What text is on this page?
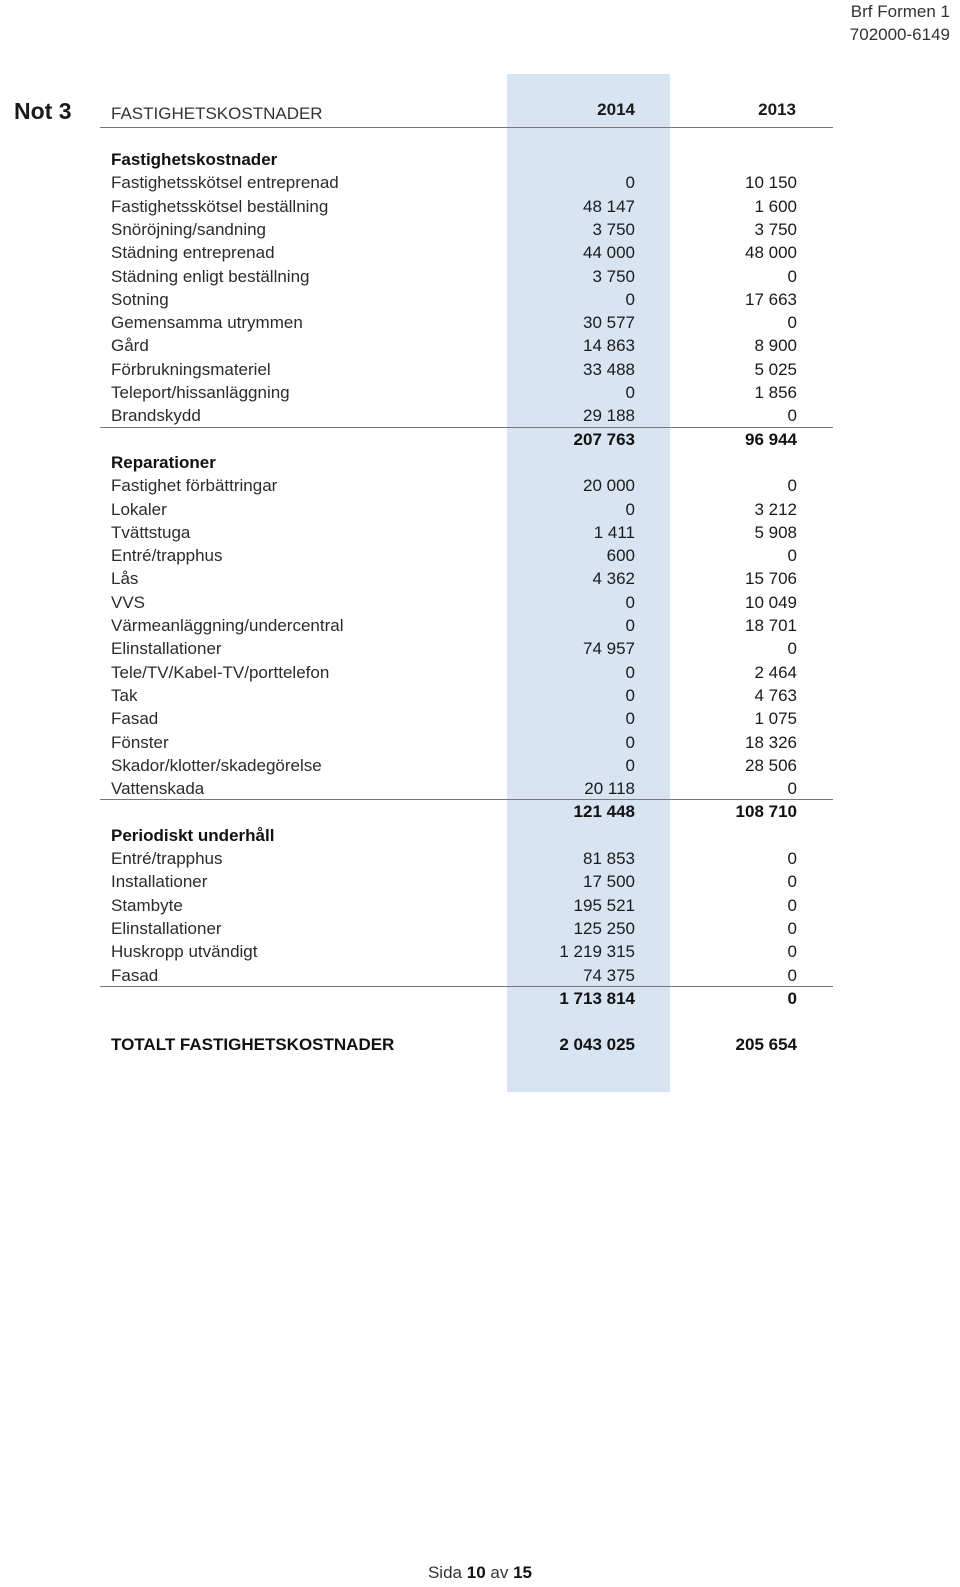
Brf Formen 1
702000-6149
Not 3 FASTIGHETSKOSTNADER	2014	2013
Fastighetskostnader
Fastighetsskötsel entreprenad	0	10 150
Fastighetsskötsel beställning	48 147	1 600
Snöröjning/sandning	3 750	3 750
Städning entreprenad	44 000	48 000
Städning enligt beställning	3 750	0
Sotning	0	17 663
Gemensamma utrymmen	30 577	0
Gård	14 863	8 900
Förbrukningsmateriel	33 488	5 025
Teleport/hissanläggning	0	1 856
Brandskydd	29 188	0
207 763	96 944
Reparationer
Fastighet förbättringar	20 000	0
Lokaler	0	3 212
Tvättstuga	1 411	5 908
Entré/trapphus	600	0
Lås	4 362	15 706
VVS	0	10 049
Värmeanläggning/undercentral	0	18 701
Elinstallationer	74 957	0
Tele/TV/Kabel-TV/porttelefon	0	2 464
Tak	0	4 763
Fasad	0	1 075
Fönster	0	18 326
Skador/klotter/skadegörelse	0	28 506
Vattenskada	20 118	0
121 448	108 710
Periodiskt underhåll
Entré/trapphus	81 853	0
Installationer	17 500	0
Stambyte	195 521	0
Elinstallationer	125 250	0
Huskropp utvändigt	1 219 315	0
Fasad	74 375	0
1 713 814	0
TOTALT FASTIGHETSKOSTNADER	2 043 025	205 654
Sida 10 av 15
